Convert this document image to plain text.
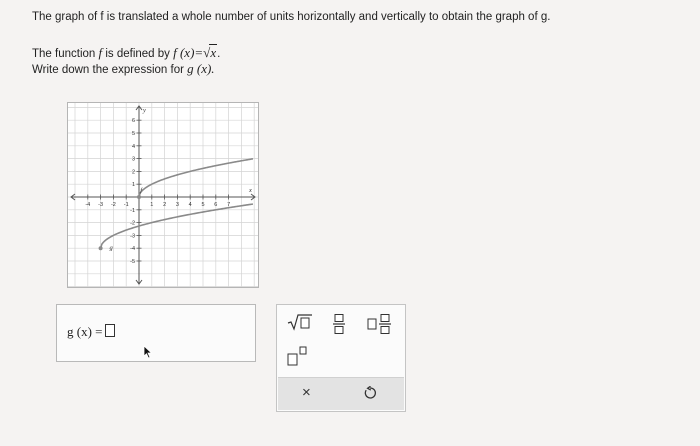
The graph of f is translated a whole number of units horizontally and vertically to obtain the graph of g.
The function f is defined by f (x)=√x.
Write down the expression for g (x).
-4 -3 -2 -1	1 2 3 4 5 6 7
6
5
4
3
2
1
-1
-2
-3
-4
-5
x
y
f
g
g (x) =
×
